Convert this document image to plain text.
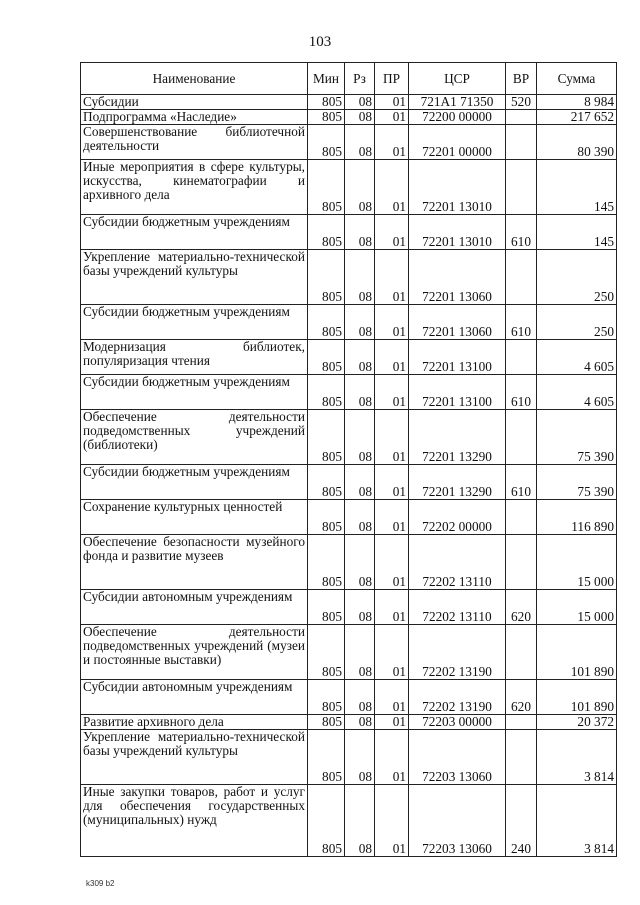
103
Наименование	Мин	Рз	ПР	ЦСР	ВР	Сумма
Субсидии	805	08	01	721А1 71350	520	8 984
Подпрограмма «Наследие»	805	08	01	72200 00000		217 652
Совершенствование библиотечной деятельности	805	08	01	72201 00000		80 390
Иные мероприятия в сфере культуры, искусства, кинематографии и архивного дела	805	08	01	72201 13010		145
Субсидии бюджетным учреждениям	805	08	01	72201 13010	610	145
Укрепление материально-технической базы учреждений культуры	805	08	01	72201 13060		250
Субсидии бюджетным учреждениям	805	08	01	72201 13060	610	250
Модернизация библиотек, популяризация чтения	805	08	01	72201 13100		4 605
Субсидии бюджетным учреждениям	805	08	01	72201 13100	610	4 605
Обеспечение деятельности подведомственных учреждений (библиотеки)	805	08	01	72201 13290		75 390
Субсидии бюджетным учреждениям	805	08	01	72201 13290	610	75 390
Сохранение культурных ценностей	805	08	01	72202 00000		116 890
Обеспечение безопасности музейного фонда и развитие музеев	805	08	01	72202 13110		15 000
Субсидии автономным учреждениям	805	08	01	72202 13110	620	15 000
Обеспечение деятельности подведомственных учреждений (музеи и постоянные выставки)	805	08	01	72202 13190		101 890
Субсидии автономным учреждениям	805	08	01	72202 13190	620	101 890
Развитие архивного дела	805	08	01	72203 00000		20 372
Укрепление материально-технической базы учреждений культуры	805	08	01	72203 13060		3 814
Иные закупки товаров, работ и услуг для обеспечения государственных (муниципальных) нужд	805	08	01	72203 13060	240	3 814
k309 b2
